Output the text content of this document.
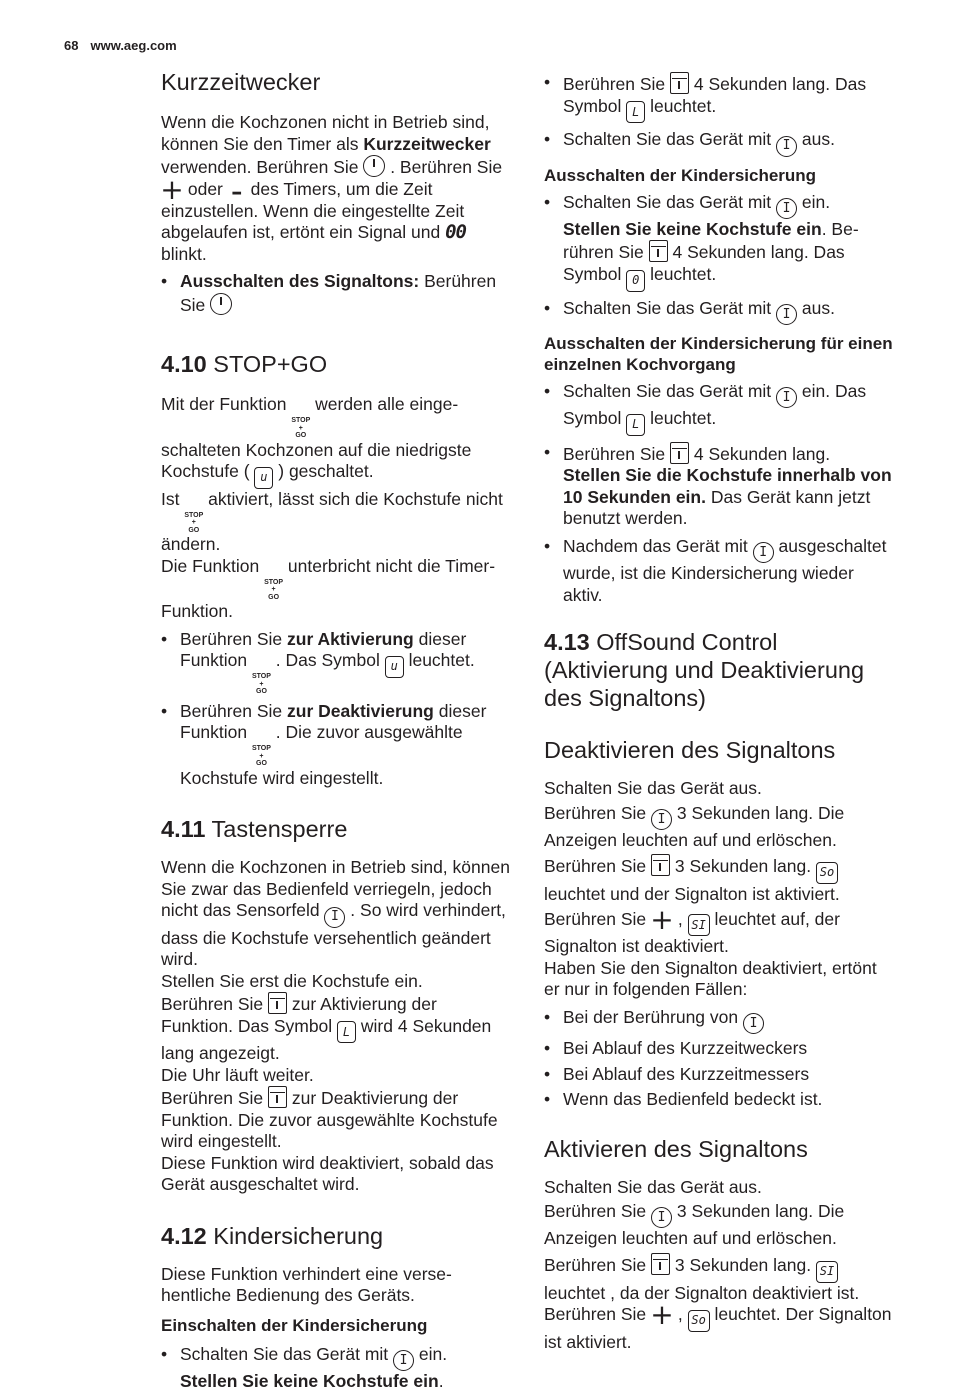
68 www.aeg.com
Kurzzeitwecker

Wenn die Kochzonen nicht in Betrieb sind, können Sie den Timer als Kurzzeitwecker verwenden. Berühren Sie  . Berühren Sie + oder – des Timers, um die Zeit einzustellen. Wenn die eingestellte Zeit abgelaufen ist, ertönt ein Signal und 00 blinkt.

• Ausschalten des Signaltons: Berühren Sie
4.10 STOP+GO

Mit der Funktion
STOP
+
GO
werden alle eingeschalteten Kochzonen auf die niedrigste Kochstufe ( u ) geschaltet.

Ist
STOP
+
GO
aktiviert, lässt sich die Kochstufe nicht ändern.

Die Funktion
STOP
+
GO
unterbricht nicht die Timer-Funktion.

• Berühren Sie zur Aktivierung dieser Funktion
STOP
+
GO
. Das Symbol u leuchtet.
• Berühren Sie zur Deaktivierung dieser Funktion
STOP
+
GO
. Die zuvor ausgewählte Kochstufe wird eingestellt.
4.11 Tastensperre

Wenn die Kochzonen in Betrieb sind, können Sie zwar das Bedienfeld verriegeln, jedoch nicht das Sensorfeld I . So wird verhindert, dass die Kochstufe versehentlich geändert wird.

Stellen Sie erst die Kochstufe ein.

Berühren Sie  zur Aktivierung der Funktion. Das Symbol L wird 4 Sekunden lang angezeigt.

Die Uhr läuft weiter.

Berühren Sie  zur Deaktivierung der Funktion. Die zuvor ausgewählte Kochstufe wird eingestellt.

Diese Funktion wird deaktiviert, sobald das Gerät ausgeschaltet wird.

4.12 Kindersicherung

Diese Funktion verhindert eine versehentliche Bedienung des Geräts.

Einschalten der Kindersicherung
• Schalten Sie das Gerät mit I ein.
Stellen Sie keine Kochstufe ein.
• Berühren Sie  4 Sekunden lang. Das Symbol L leuchtet.
• Schalten Sie das Gerät mit I aus.
Ausschalten der Kindersicherung
• Schalten Sie das Gerät mit I ein.
Stellen Sie keine Kochstufe ein. Berühren Sie  4 Sekunden lang. Das Symbol 0 leuchtet.
• Schalten Sie das Gerät mit I aus.
Ausschalten der Kindersicherung für einen einzelnen Kochvorgang
• Schalten Sie das Gerät mit I ein. Das Symbol L leuchtet.
• Berühren Sie  4 Sekunden lang.
Stellen Sie die Kochstufe innerhalb von 10 Sekunden ein. Das Gerät kann jetzt benutzt werden.
• Nachdem das Gerät mit I ausgeschaltet wurde, ist die Kindersicherung wieder aktiv.
4.13 OffSound Control (Aktivierung und Deaktivierung des Signaltons)
Deaktivieren des Signaltons

Schalten Sie das Gerät aus.

Berühren Sie I 3 Sekunden lang. Die Anzeigen leuchten auf und erlöschen.

Berühren Sie  3 Sekunden lang. So leuchtet und der Signalton ist aktiviert.

Berühren Sie + , SI leuchtet auf, der Signalton ist deaktiviert.

Haben Sie den Signalton deaktiviert, ertönt er nur in folgenden Fällen:

• Bei der Berührung von I
• Bei Ablauf des Kurzzeitweckers
• Bei Ablauf des Kurzzeitmessers
• Wenn das Bedienfeld bedeckt ist.
Aktivieren des Signaltons

Schalten Sie das Gerät aus.

Berühren Sie I 3 Sekunden lang. Die Anzeigen leuchten auf und erlöschen.

Berühren Sie  3 Sekunden lang. SI leuchtet , da der Signalton deaktiviert ist. Berühren Sie + , So leuchtet. Der Signalton ist aktiviert.
